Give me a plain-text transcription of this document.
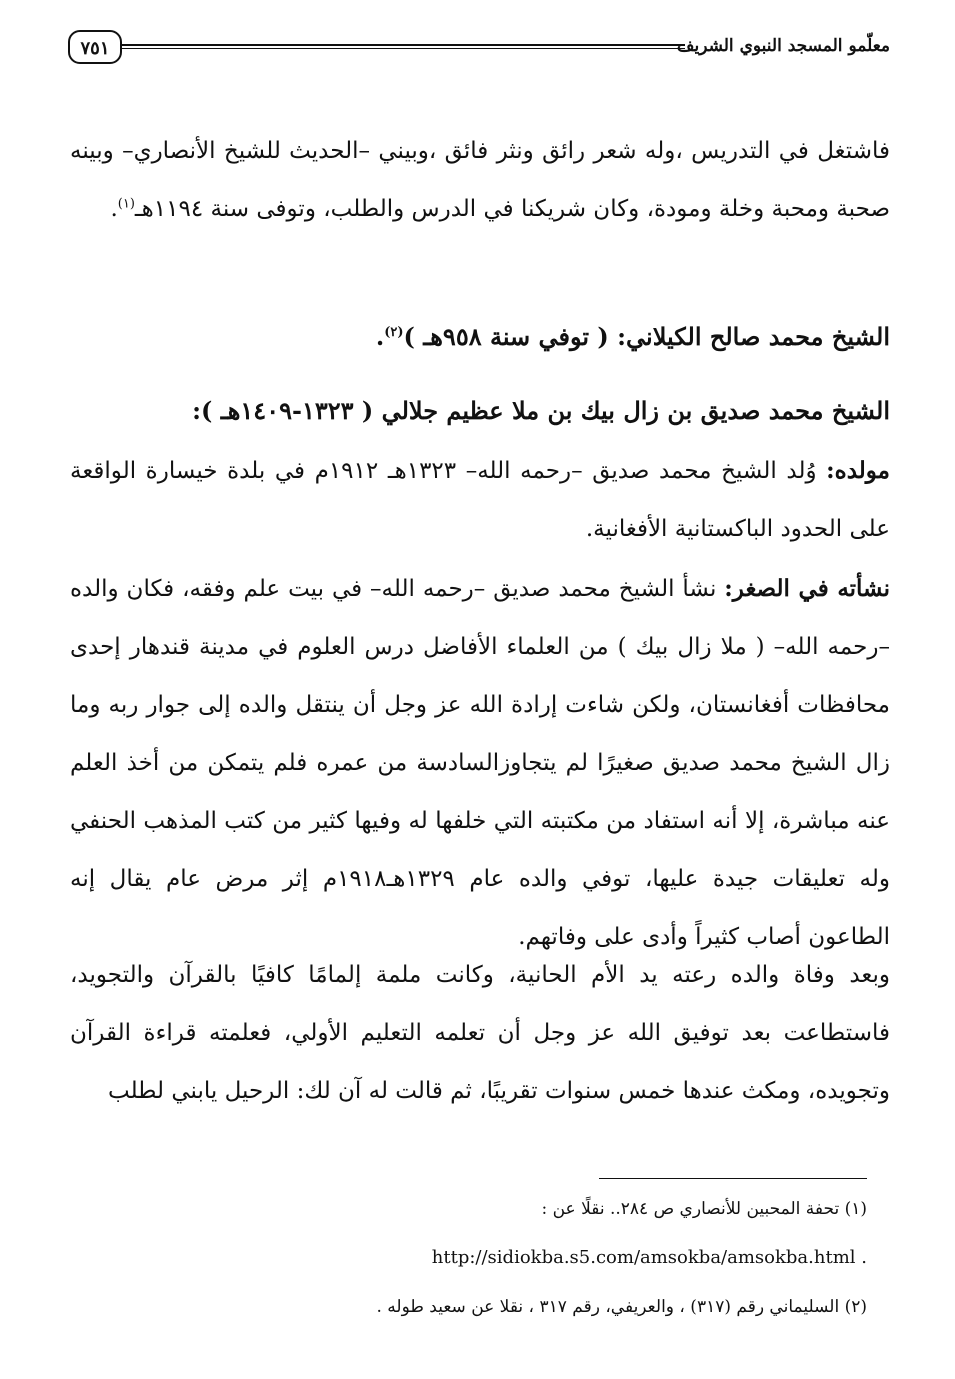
معلّمو المسجد النبوي الشريف
٧٥١

فاشتغل في التدريس ،وله شعر رائق ونثر فائق ،وبيني –الحديث للشيخ الأنصاري– وبينه صحبة ومحبة وخلة ومودة، وكان شريكنا في الدرس والطلب، وتوفى سنة ١١٩٤هـ$^{(١)}$.

الشيخ محمد صالح الكيلاني: ( توفي سنة ٩٥٨هـ )$^{(٢)}$.
الشيخ محمد صديق بن زال بيك بن ملا عظيم جلالي ( ١٣٢٣-١٤٠٩هـ ):

مولده: وُلد الشيخ محمد صديق –رحمه الله– ١٣٢٣هـ ١٩١٢م في بلدة خيسارة الواقعة على الحدود الباكستانية الأفغانية.

نشأته في الصغر: نشأ الشيخ محمد صديق –رحمه الله– في بيت علم وفقه، فكان والده –رحمه الله– ( ملا زال بيك ) من العلماء الأفاضل درس العلوم في مدينة قندهار إحدى محافظات أفغانستان، ولكن شاءت إرادة الله عز وجل أن ينتقل والده إلى جوار ربه وما زال الشيخ محمد صديق صغيرًا لم يتجاوزالسادسة من عمره فلم يتمكن من أخذ العلم عنه مباشرة، إلا أنه استفاد من مكتبته التي خلفها له وفيها كثير من كتب المذهب الحنفي وله تعليقات جيدة عليها، توفي والده عام ١٣٢٩هـ١٩١٨م إثر مرض عام يقال إنه الطاعون أصاب كثيراً وأدى على وفاتهم.

وبعد وفاة والده رعته يد الأم الحانية، وكانت ملمة إلمامًا كافيًا بالقرآن والتجويد، فاستطاعت بعد توفيق الله عز وجل أن تعلمه التعليم الأولي، فعلمته قراءة القرآن وتجويده، ومكث عندها خمس سنوات تقريبًا، ثم قالت له آن لك: الرحيل يابني لطلب

(١) تحفة المحبين للأنصاري ص ٢٨٤.. نقلًا عن :

. http://sidiokba.s5.com/amsokba/amsokba.html

(٢) السليماني رقم (٣١٧) ، والعريفي، رقم ٣١٧ ، نقلا عن سعيد طوله .
